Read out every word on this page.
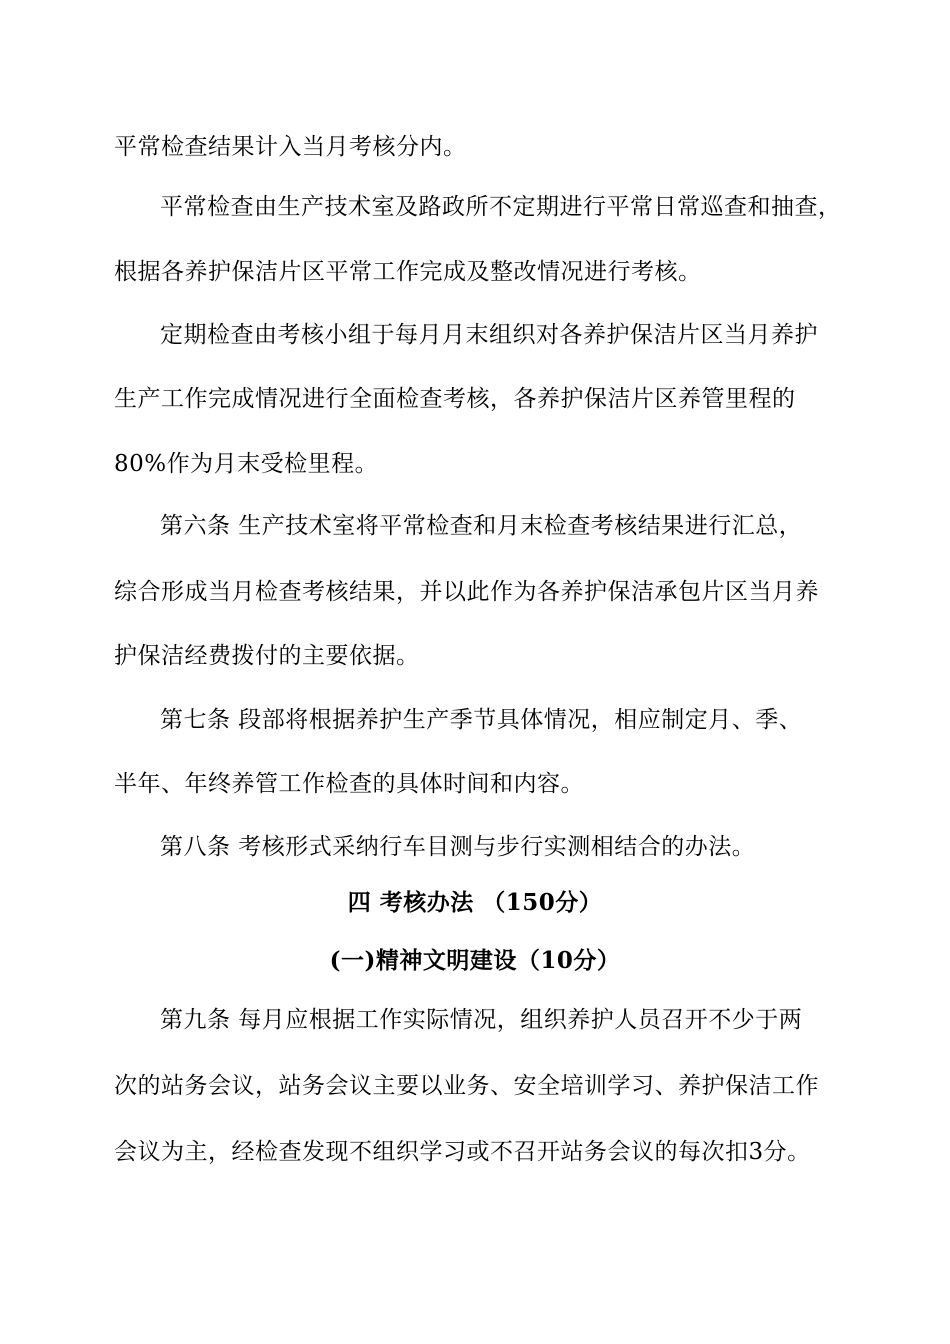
平常检查结果计入当月考核分内。
平常检查由生产技术室及路政所不定期进行平常日常巡查和抽查，
根据各养护保洁片区平常工作完成及整改情况进行考核。
定期检查由考核小组于每月月末组织对各养护保洁片区当月养护
生产工作完成情况进行全面检查考核，各养护保洁片区养管里程的
80%作为月末受检里程。
第六条 生产技术室将平常检查和月末检查考核结果进行汇总，
综合形成当月检查考核结果，并以此作为各养护保洁承包片区当月养
护保洁经费拨付的主要依据。
第七条 段部将根据养护生产季节具体情况，相应制定月、季、
半年、年终养管工作检查的具体时间和内容。
第八条 考核形式采纳行车目测与步行实测相结合的办法。
四 考核办法 （150分）
(一)精神文明建设（10分）
第九条 每月应根据工作实际情况，组织养护人员召开不少于两
次的站务会议，站务会议主要以业务、安全培训学习、养护保洁工作
会议为主，经检查发现不组织学习或不召开站务会议的每次扣3分。
